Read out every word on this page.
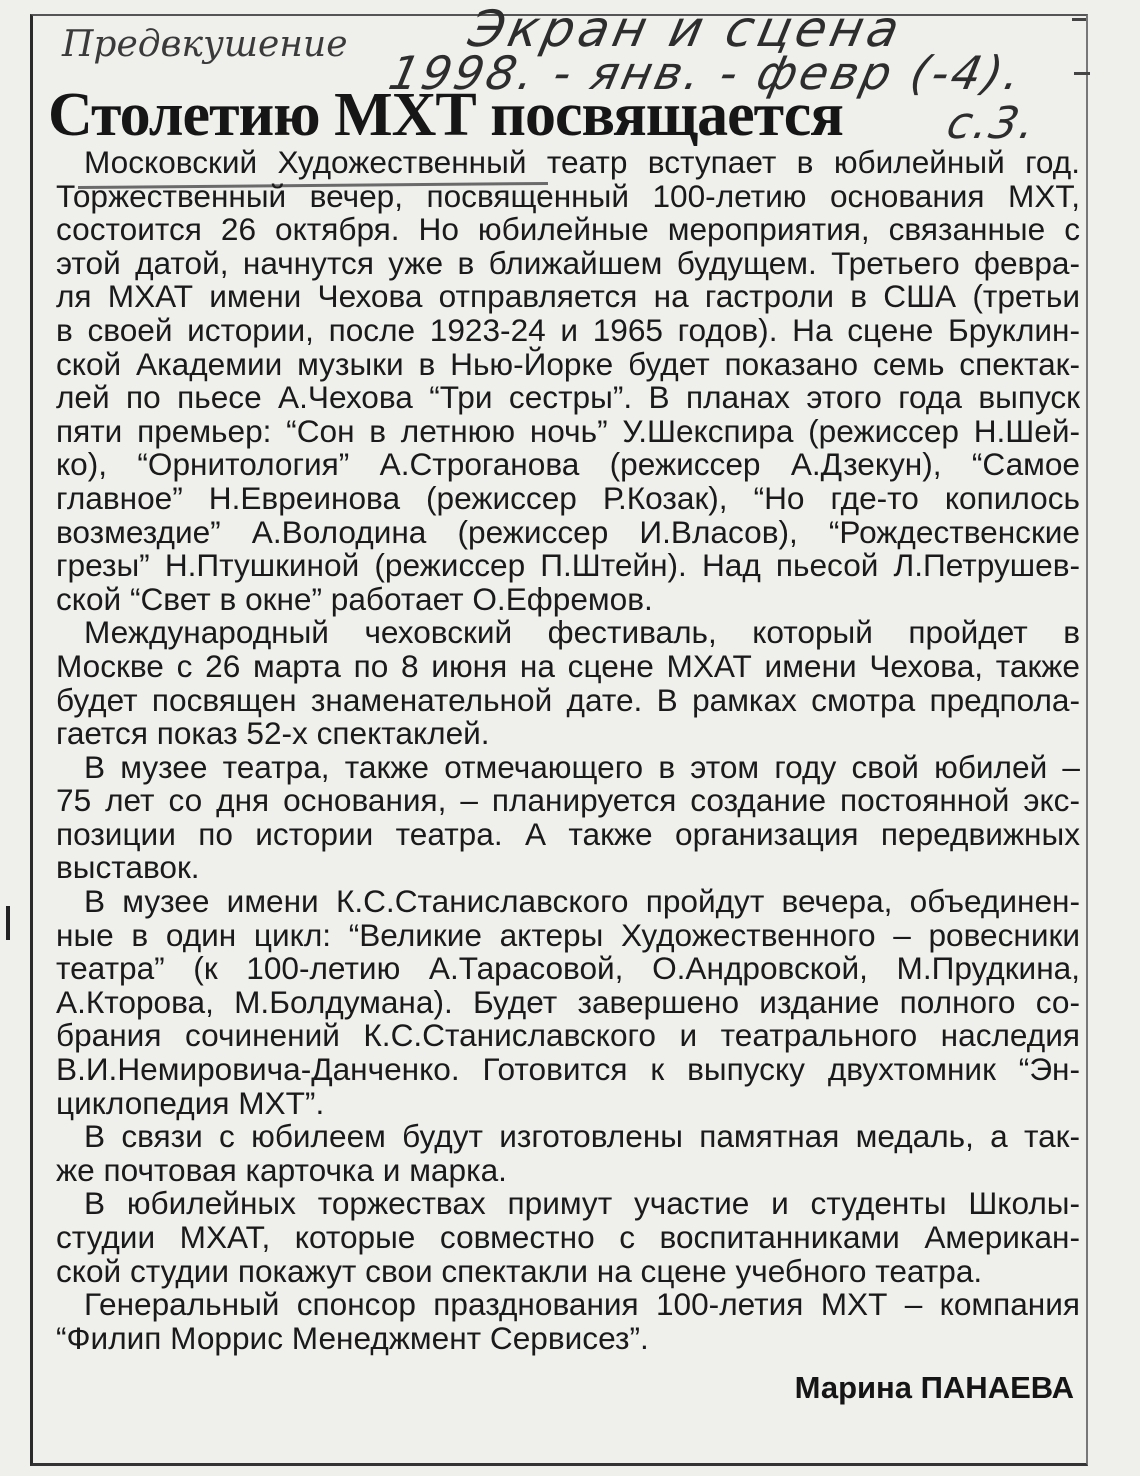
Предвкушение Экран и сцена
1998. - янв. - февр (-4).
с.3.
Столетию МХТ посвящается
Московский Художественный театр вступает в юбилейный год.
Торжественный вечер, посвященный 100-летию основания МХТ,
состоится 26 октября. Но юбилейные мероприятия, связанные с
этой датой, начнутся уже в ближайшем будущем. Третьего февра-
ля МХАТ имени Чехова отправляется на гастроли в США (третьи
в своей истории, после 1923-24 и 1965 годов). На сцене Бруклин-
ской Академии музыки в Нью-Йорке будет показано семь спектак-
лей по пьесе А.Чехова “Три сестры”. В планах этого года выпуск
пяти премьер: “Сон в летнюю ночь” У.Шекспира (режиссер Н.Шей-
ко), “Орнитология” А.Строганова (режиссер А.Дзекун), “Самое
главное” Н.Евреинова (режиссер Р.Козак), “Но где-то копилось
возмездие” А.Володина (режиссер И.Власов), “Рождественские
грезы” Н.Птушкиной (режиссер П.Штейн). Над пьесой Л.Петрушев-
ской “Свет в окне” работает О.Ефремов.
Международный чеховский фестиваль, который пройдет в
Москве с 26 марта по 8 июня на сцене МХАТ имени Чехова, также
будет посвящен знаменательной дате. В рамках смотра предпола-
гается показ 52-х спектаклей.
В музее театра, также отмечающего в этом году свой юбилей –
75 лет со дня основания, – планируется создание постоянной экс-
позиции по истории театра. А также организация передвижных
выставок.
В музее имени К.С.Станиславского пройдут вечера, объединен-
ные в один цикл: “Великие актеры Художественного – ровесники
театра” (к 100-летию А.Тарасовой, О.Андровской, М.Прудкина,
А.Кторова, М.Болдумана). Будет завершено издание полного со-
брания сочинений К.С.Станиславского и театрального наследия
В.И.Немировича-Данченко. Готовится к выпуску двухтомник “Эн-
циклопедия МХТ”.
В связи с юбилеем будут изготовлены памятная медаль, а так-
же почтовая карточка и марка.
В юбилейных торжествах примут участие и студенты Школы-
студии МХАТ, которые совместно с воспитанниками Американ-
ской студии покажут свои спектакли на сцене учебного театра.
Генеральный спонсор празднования 100-летия МХТ – компания
“Филип Моррис Менеджмент Сервисез”.
Марина ПАНАЕВА
